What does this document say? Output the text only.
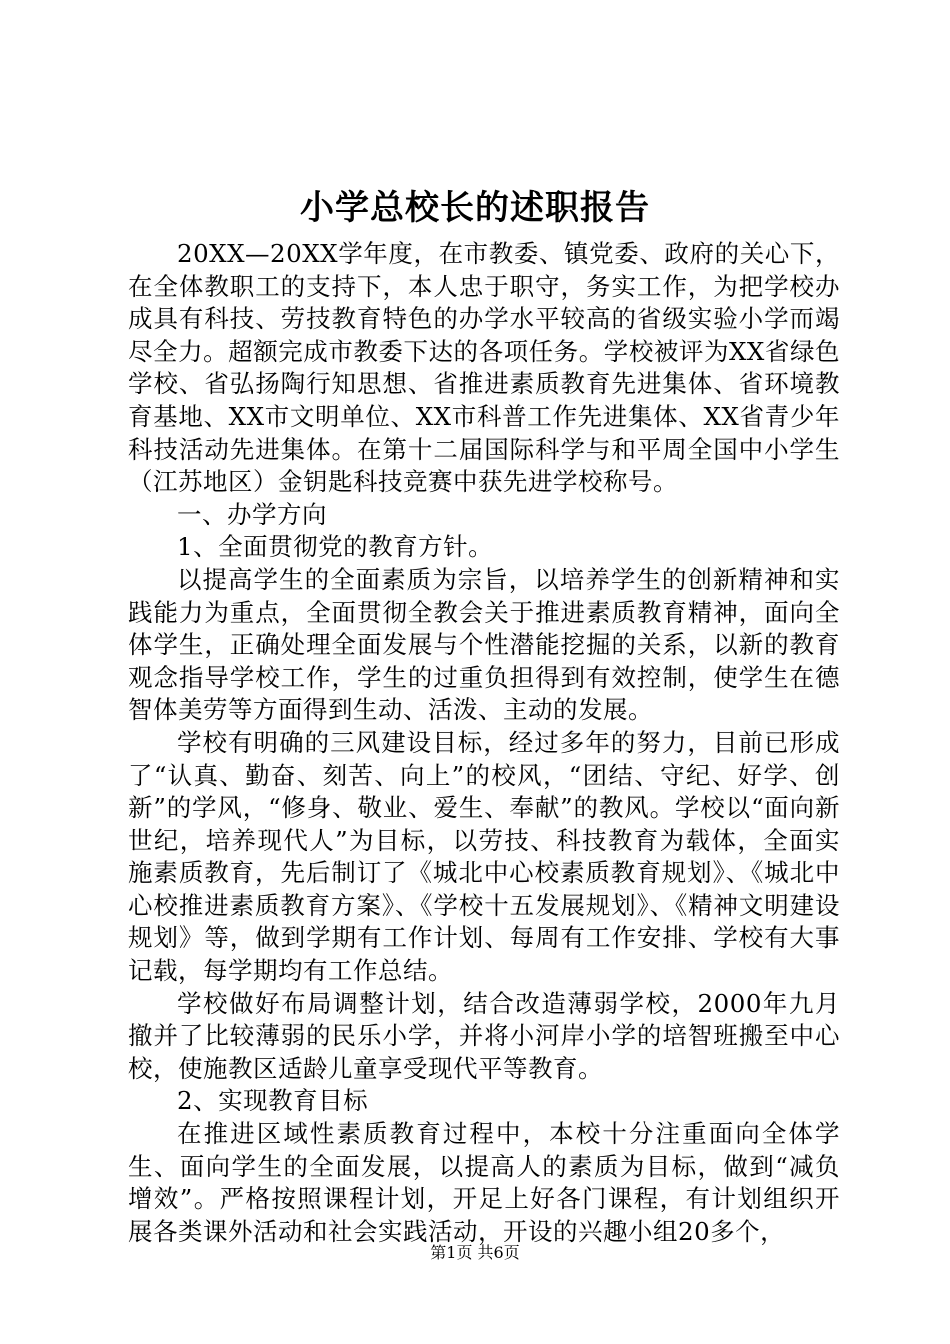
小学总校长的述职报告

20XX—20XX学年度，在市教委、镇党委、政府的关心下，在全体教职工的支持下，本人忠于职守，务实工作，为把学校办成具有科技、劳技教育特色的办学水平较高的省级实验小学而竭尽全力。超额完成市教委下达的各项任务。学校被评为XX省绿色学校、省弘扬陶行知思想、省推进素质教育先进集体、省环境教育基地、XX市文明单位、XX市科普工作先进集体、XX省青少年科技活动先进集体。在第十二届国际科学与和平周全国中小学生（江苏地区）金钥匙科技竞赛中获先进学校称号。

一、办学方向

1、全面贯彻党的教育方针。

以提高学生的全面素质为宗旨，以培养学生的创新精神和实践能力为重点，全面贯彻全教会关于推进素质教育精神，面向全体学生，正确处理全面发展与个性潜能挖掘的关系，以新的教育观念指导学校工作，学生的过重负担得到有效控制，使学生在德智体美劳等方面得到生动、活泼、主动的发展。

学校有明确的三风建设目标，经过多年的努力，目前已形成了“认真、勤奋、刻苦、向上”的校风，“团结、守纪、好学、创新”的学风，“修身、敬业、爱生、奉献”的教风。学校以“面向新世纪，培养现代人”为目标，以劳技、科技教育为载体，全面实施素质教育，先后制订了《城北中心校素质教育规划》、《城北中心校推进素质教育方案》、《学校十五发展规划》、《精神文明建设规划》等，做到学期有工作计划、每周有工作安排、学校有大事记载，每学期均有工作总结。

学校做好布局调整计划，结合改造薄弱学校，2000年九月撤并了比较薄弱的民乐小学，并将小河岸小学的培智班搬至中心校，使施教区适龄儿童享受现代平等教育。

2、实现教育目标

在推进区域性素质教育过程中，本校十分注重面向全体学生、面向学生的全面发展，以提高人的素质为目标，做到“减负增效”。严格按照课程计划，开足上好各门课程，有计划组织开展各类课外活动和社会实践活动，开设的兴趣小组20多个，

第1页 共6页
